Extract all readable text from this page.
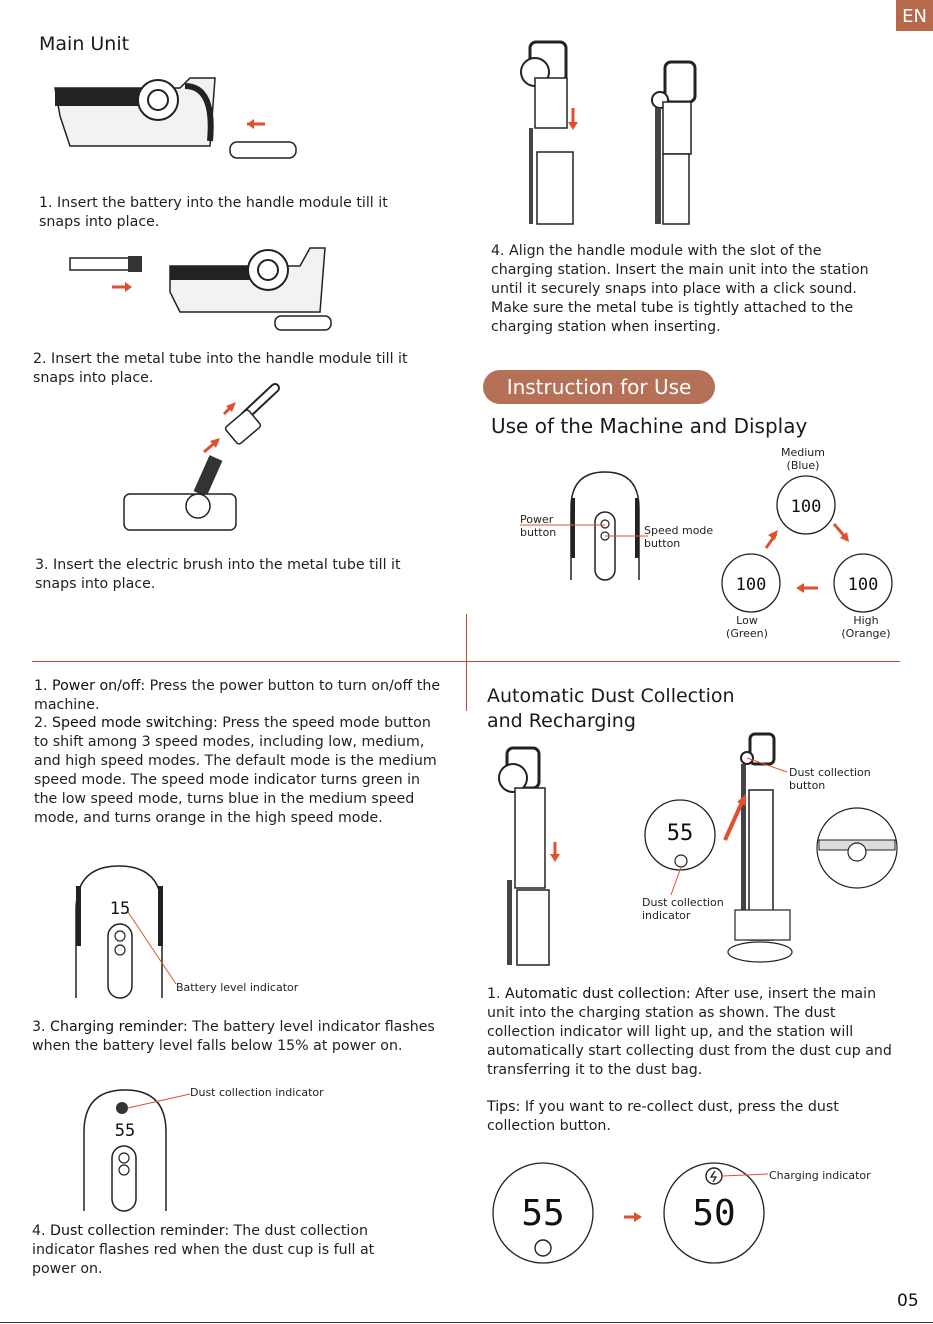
EN
05
Main Unit
1. Insert the battery into the handle module till it snaps into place.
2. Insert the metal tube into the handle module till it snaps into place.
3. Insert the electric brush into the metal tube till it snaps into place.
4. Align the handle module with the slot of the charging station. Insert the main unit into the station until it securely snaps into place with a click sound. Make sure the metal tube is tightly attached to the charging station when inserting.
Instruction for Use
Use of the Machine and Display
Power button	Speed mode button
Medium
(Blue)
100
100	100
Low
(Green)
High
(Orange)
1. Power on/off: Press the power button to turn on/off the machine.
2. Speed mode switching: Press the speed mode button to shift among 3 speed modes, including low, medium, and high speed modes. The default mode is the medium speed mode. The speed mode indicator turns green in the low speed mode, turns blue in the medium speed mode, and turns orange in the high speed mode.
15
Battery level indicator
3. Charging reminder: The battery level indicator flashes when the battery level falls below 15% at power on.
55
Dust collection indicator
4. Dust collection reminder: The dust collection indicator flashes red when the dust cup is full at power on.
Automatic Dust Collection
and Recharging
55
Dust collection button
Dust collection indicator
1. Automatic dust collection: After use, insert the main unit into the charging station as shown. The dust collection indicator will light up, and the station will automatically start collecting dust from the dust cup and transferring it to the dust bag.
Tips: If you want to re-collect dust, press the dust collection button.
55	50
Charging indicator
